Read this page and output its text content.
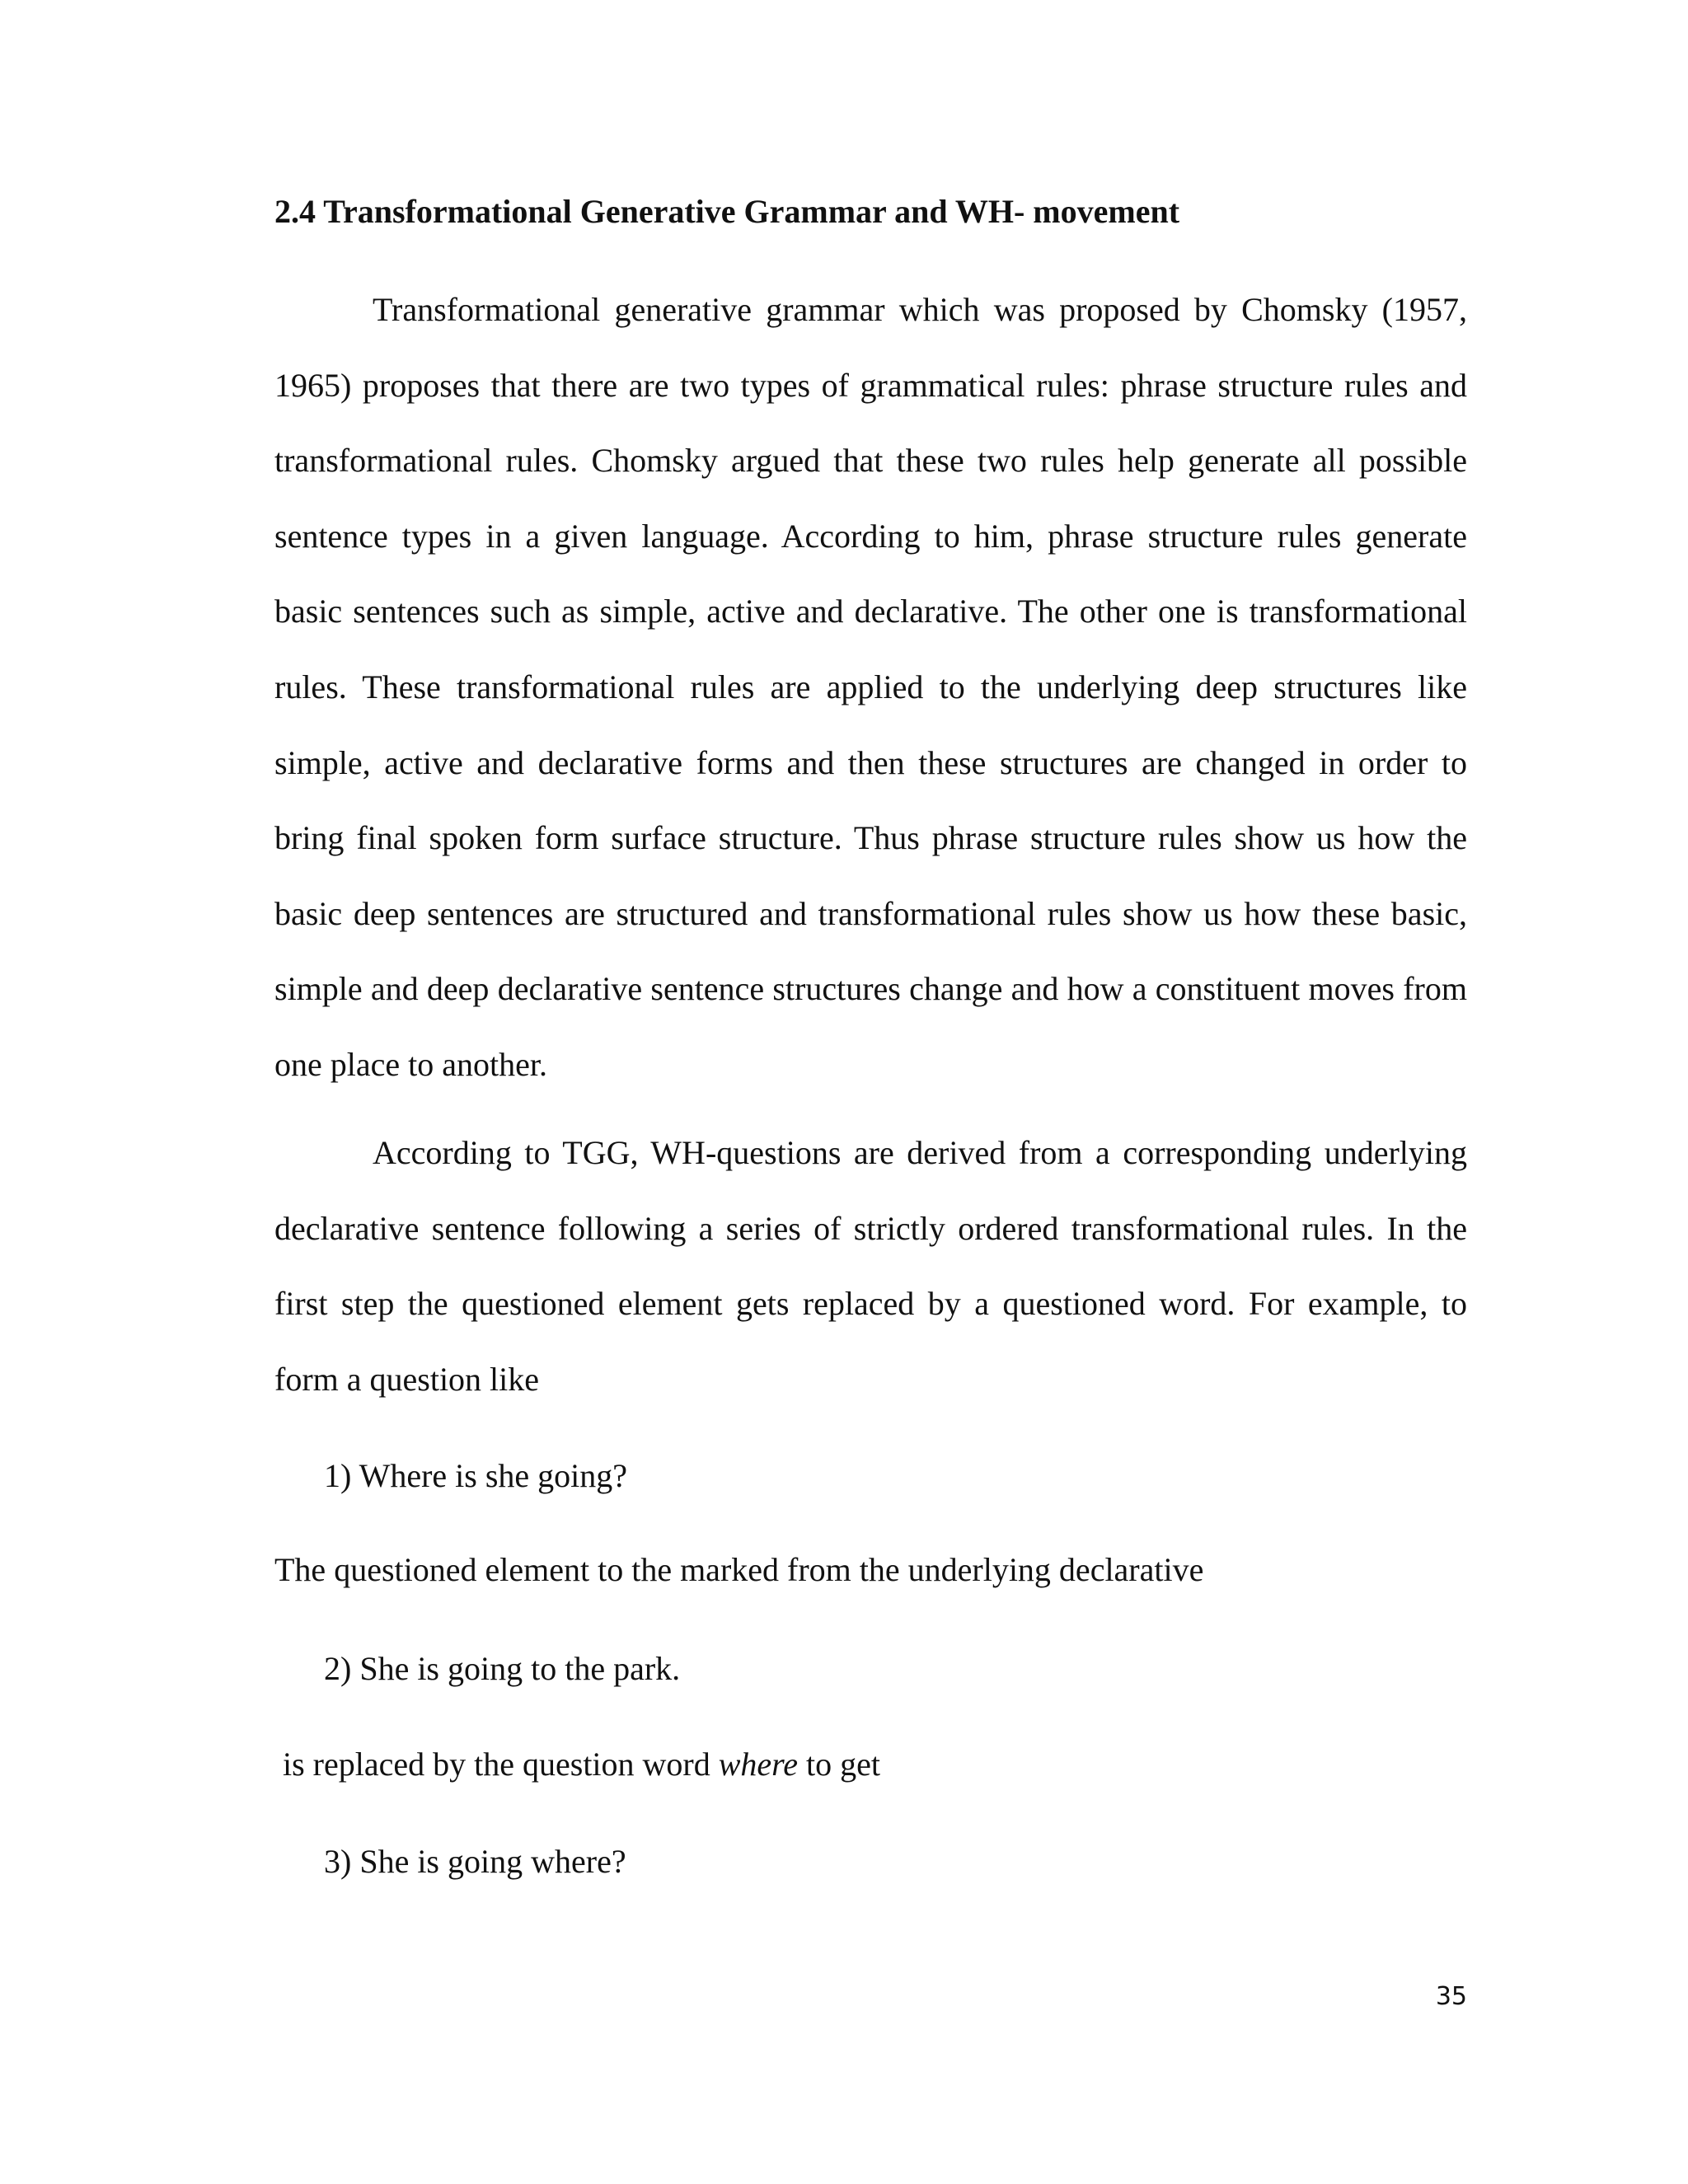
2.4 Transformational Generative Grammar and WH- movement

Transformational generative grammar which was proposed by Chomsky (1957, 1965) proposes that there are two types of grammatical rules: phrase structure rules and transformational rules. Chomsky argued that these two rules help generate all possible sentence types in a given language. According to him, phrase structure rules generate basic sentences such as simple, active and declarative. The other one is transformational rules. These transformational rules are applied to the underlying deep structures like simple, active and declarative forms and then these structures are changed in order to bring final spoken form surface structure. Thus phrase structure rules show us how the basic deep sentences are structured and transformational rules show us how these basic, simple and deep declarative sentence structures change and how a constituent moves from one place to another.

According to TGG, WH-questions are derived from a corresponding underlying declarative sentence following a series of strictly ordered transformational rules. In the first step the questioned element gets replaced by a questioned word. For example, to form a question like

1) Where is she going?

The questioned element to the marked from the underlying declarative

2) She is going to the park.

is replaced by the question word where to get

3) She is going where?

35
